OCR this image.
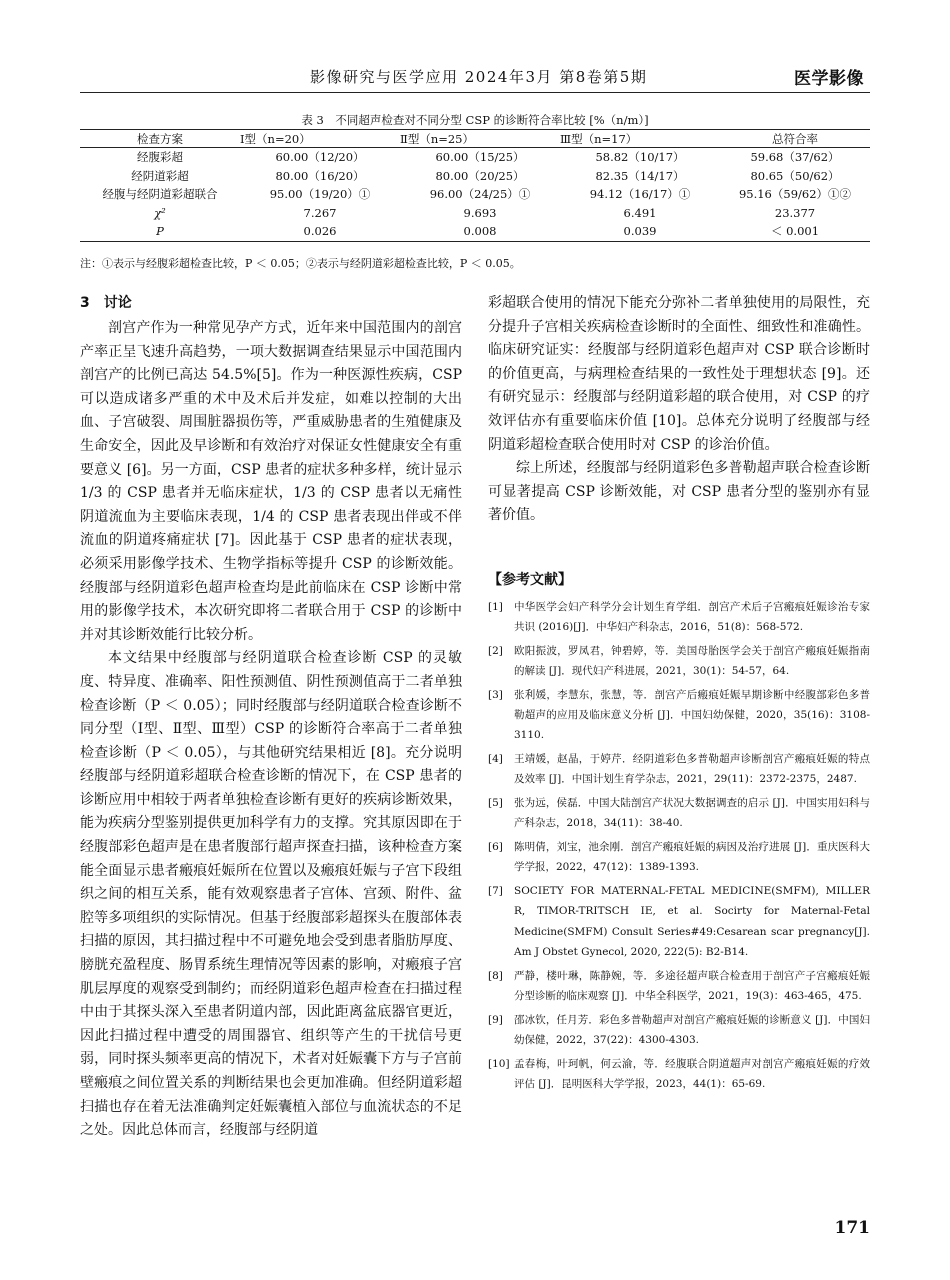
影像研究与医学应用 2024年3月 第8卷第5期	医学影像
表 3　不同超声检查对不同分型 CSP 的诊断符合率比较 [%（n/m）]
检查方案	Ⅰ型（n=20）	Ⅱ型（n=25）	Ⅲ型（n=17）	总符合率
经腹彩超	60.00（12/20）	60.00（15/25）	58.82（10/17）	59.68（37/62）
经阴道彩超	80.00（16/20）	80.00（20/25）	82.35（14/17）	80.65（50/62）
经腹与经阴道彩超联合	95.00（19/20）①	96.00（24/25）①	94.12（16/17）①	95.16（59/62）①②
χ²	7.267	9.693	6.491	23.377
P	0.026	0.008	0.039	＜ 0.001
注：①表示与经腹彩超检查比较，P ＜ 0.05；②表示与经阴道彩超检查比较，P ＜ 0.05。
3　讨论

剖宫产作为一种常见孕产方式，近年来中国范围内的剖宫产率正呈飞速升高趋势，一项大数据调查结果显示中国范围内剖宫产的比例已高达 54.5%[5]。作为一种医源性疾病，CSP 可以造成诸多严重的术中及术后并发症，如难以控制的大出血、子宫破裂、周围脏器损伤等，严重威胁患者的生殖健康及生命安全，因此及早诊断和有效治疗对保证女性健康安全有重要意义 [6]。另一方面，CSP 患者的症状多种多样，统计显示 1/3 的 CSP 患者并无临床症状，1/3 的 CSP 患者以无痛性阴道流血为主要临床表现，1/4 的 CSP 患者表现出伴或不伴流血的阴道疼痛症状 [7]。因此基于 CSP 患者的症状表现，必须采用影像学技术、生物学指标等提升 CSP 的诊断效能。经腹部与经阴道彩色超声检查均是此前临床在 CSP 诊断中常用的影像学技术，本次研究即将二者联合用于 CSP 的诊断中并对其诊断效能行比较分析。

本文结果中经腹部与经阴道联合检查诊断 CSP 的灵敏度、特异度、准确率、阳性预测值、阴性预测值高于二者单独检查诊断（P ＜ 0.05）；同时经腹部与经阴道联合检查诊断不同分型（Ⅰ型、Ⅱ型、Ⅲ型）CSP 的诊断符合率高于二者单独检查诊断（P ＜ 0.05），与其他研究结果相近 [8]。充分说明经腹部与经阴道彩超联合检查诊断的情况下，在 CSP 患者的诊断应用中相较于两者单独检查诊断有更好的疾病诊断效果，能为疾病分型鉴别提供更加科学有力的支撑。究其原因即在于经腹部彩色超声是在患者腹部行超声探查扫描，该种检查方案能全面显示患者瘢痕妊娠所在位置以及瘢痕妊娠与子宫下段组织之间的相互关系，能有效观察患者子宫体、宫颈、附件、盆腔等多项组织的实际情况。但基于经腹部彩超探头在腹部体表扫描的原因，其扫描过程中不可避免地会受到患者脂肪厚度、膀胱充盈程度、肠胃系统生理情况等因素的影响，对瘢痕子宫肌层厚度的观察受到制约；而经阴道彩色超声检查在扫描过程中由于其探头深入至患者阴道内部，因此距离盆底器官更近，因此扫描过程中遭受的周围器官、组织等产生的干扰信号更弱，同时探头频率更高的情况下，术者对妊娠囊下方与子宫前壁瘢痕之间位置关系的判断结果也会更加准确。但经阴道彩超扫描也存在着无法准确判定妊娠囊植入部位与血流状态的不足之处。因此总体而言，经腹部与经阴道

彩超联合使用的情况下能充分弥补二者单独使用的局限性，充分提升子宫相关疾病检查诊断时的全面性、细致性和准确性。临床研究证实：经腹部与经阴道彩色超声对 CSP 联合诊断时的价值更高，与病理检查结果的一致性处于理想状态 [9]。还有研究显示：经腹部与经阴道彩超的联合使用，对 CSP 的疗效评估亦有重要临床价值 [10]。总体充分说明了经腹部与经阴道彩超检查联合使用时对 CSP 的诊治价值。

综上所述，经腹部与经阴道彩色多普勒超声联合检查诊断可显著提高 CSP 诊断效能，对 CSP 患者分型的鉴别亦有显著价值。

【参考文献】
[1]	中华医学会妇产科学分会计划生育学组．剖宫产术后子宫瘢痕妊娠诊治专家共识 (2016)[J]．中华妇产科杂志，2016，51(8)：568-572.
[2]	欧阳振波，罗凤君，钟碧婷，等．美国母胎医学会关于剖宫产瘢痕妊娠指南的解读 [J]．现代妇产科进展，2021，30(1)：54-57，64.
[3]	张利媛，李慧东，张慧，等．剖宫产后瘢痕妊娠早期诊断中经腹部彩色多普勒超声的应用及临床意义分析 [J]．中国妇幼保健，2020，35(16)：3108-3110.
[4]	王靖媛，赵晶，于婷芹．经阴道彩色多普勒超声诊断剖宫产瘢痕妊娠的特点及效率 [J]．中国计划生育学杂志，2021，29(11)：2372-2375，2487.
[5]	张为远，侯磊．中国大陆剖宫产状况大数据调查的启示 [J]．中国实用妇科与产科杂志，2018，34(11)：38-40.
[6]	陈明倩，刘宝，池余刚．剖宫产瘢痕妊娠的病因及治疗进展 [J]．重庆医科大学学报，2022，47(12)：1389-1393.
[7]	SOCIETY FOR MATERNAL-FETAL MEDICINE(SMFM), MILLER R, TIMOR-TRITSCH IE, et al. Socirty for Maternal-Fetal Medicine(SMFM) Consult Series#49:Cesarean scar pregnancy[J]. Am J Obstet Gynecol, 2020, 222(5): B2-B14.
[8]	严静，楼叶琳，陈静婉，等．多途径超声联合检查用于剖宫产子宫瘢痕妊娠分型诊断的临床观察 [J]．中华全科医学，2021，19(3)：463-465，475.
[9]	邵冰钦，任月芳．彩色多普勒超声对剖宫产瘢痕妊娠的诊断意义 [J]．中国妇幼保健，2022，37(22)：4300-4303.
[10] 孟春梅，叶珂帆，何云渝，等．经腹联合阴道超声对剖宫产瘢痕妊娠的疗效评估 [J]．昆明医科大学学报，2023，44(1)：65-69.
171
